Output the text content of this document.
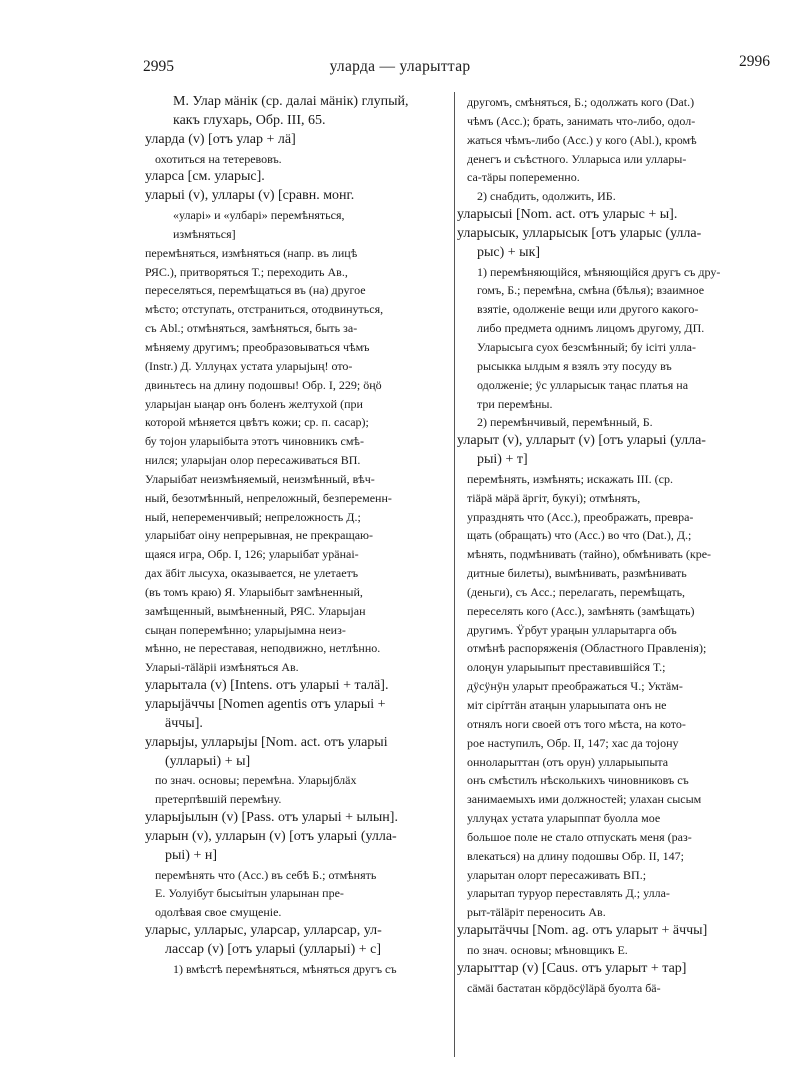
2995	уларда — уларыттар	2996
M. Улар мäнік (ср. далаі мäнік) глупый,
какъ глухарь, Обр. III, 65.
уларда (v) [отъ улар + лä]
охотиться на тетеревовъ.
уларса [см. уларыс].
уларыі (v), уллары (v) [сравн. монг.
«улар‍і» и «улбарі» перемѣняться,
измѣняться]
перемѣняться, измѣняться (напр. въ лицѣ
РЯС.), притворяться Т.; переходить Ав.,
переселяться, перемѣщаться въ (на) другое
мѣсто; отступать, отстраниться, отодвинуться,
съ Abl.; отмѣняться, замѣняться, быть за-
мѣняему другимъ; преобразовываться чѣмъ
(Instr.) Д. Уллуңах устата уларыјың! ото-
двиньтесь на длину подошвы! Обр. I, 229; öңö
уларыјан ыаңар онъ боленъ желтухой (при
которой мѣняется цвѣтъ кожи; ср. п. сасар);
бу тојон уларыібыта этотъ чиновникъ смѣ-
нился; уларыјан олор пересаживаться ВП.
Уларыібат неизмѣняемый, неизмѣнный, вѣч-
ный, безотмѣнный, непреложный, безпеременн-
ный, непеременчивый; непреложность Д.;
уларыібат оіну непрерывная, не прекращаю-
щаяся игра, Обр. I, 126; уларыібат урäнаі-
дах äбіт лысуха, оказывается, не улетаетъ
(въ томъ краю) Я. Уларыібыт замѣненный,
замѣщенный, вымѣненный, РЯС. Уларыјан
сыңан поперемѣнно; уларыјымна неиз-
мѣнно, не переставая, неподвижно, нетлѣнно.
Уларыі-тäläрii измѣняться Ав.
уларытала (v) [Intens. отъ уларыі + талä].
уларыјäччы [Nomen agentis отъ уларыі +
äччы].
уларыјы, улларыјы [Nom. act. отъ уларыі
(улларыі) + ы]
по знач. основы; перемѣна. Уларыјблäх
претерпѣвшій перемѣну.
уларыјылын (v) [Pass. отъ уларыі + ылын].
уларын (v), улларын (v) [отъ уларыі (улла-
рыі) + н]
перемѣнять что (Acc.) въ себѣ Б.; отмѣнять
Е. Уолуібут бысыітын уларынан пре-
одолѣвая свое смущеніе.
уларыс, улларыс, уларсар, улларсар, ул-
лассар (v) [отъ уларыі (улларыі) + с]
1) вмѣстѣ перемѣняться, мѣняться другъ съ
другомъ, смѣняться, Б.; одолжать кого (Dat.)
чѣмъ (Acc.); брать, занимать что-либо, одол-
жаться чѣмъ-либо (Acc.) у кого (Abl.), кромѣ
денегъ и съѣстного. Улларыса или уллары-
са-тäры попеременно.
2) снабдить, одолжить, ИБ.
уларысыі [Nom. act. отъ уларыс + ы].
уларысык, улларысык [отъ уларыс (улла-
рыс) + ык]
1) перемѣняющійся, мѣняющійся другъ съ дру-
гомъ, Б.; перемѣна, смѣна (бѣлья); взаимное
взятіе, одолженіе вещи или другого какого-
либо предмета однимъ лицомъ другому, ДП.
Уларысыга суох безсмѣнный; бу ісіті улла-
рысыкка ылдым я взялъ эту посуду въ
одолженіе; ÿс улларысык таңас платья на
три перемѣны.
2) перемѣнчивый, перемѣнный, Б.
уларыт (v), улларыт (v) [отъ уларыі (улла-
рыі) + т]
перемѣнять, измѣнять; искажать III. (ср.
тіäрä мäрä äргіт, букуі); отмѣнять,
упразднять что (Acc.), преображать, превра-
щать (обращать) что (Acc.) во что (Dat.), Д.;
мѣнять, подмѣнивать (тайно), обмѣнивать (кре-
дитные билеты), вымѣнивать, размѣнивать
(деньги), съ Acc.; перелагать, перемѣщать,
переселять кого (Acc.), замѣнять (замѣщать)
другимъ. Ÿрбут ураңын улларытарга объ
отмѣнѣ распоряженія (Областного Правленія);
олоңун уларыыпыт преставившійся Т.;
дÿсÿнÿн уларыт преображаться Ч.; Уктäм-
міт сірíттäн атаңын уларыыпата онъ не
отнялъ ноги своей отъ того мѣста, на кото-
рое наступилъ, Обр. II, 147; хас да тојону
онноларыттан (отъ орун) улларыыпыта
онъ смѣстилъ нѣсколькихъ чиновниковъ съ
занимаемыхъ ими должностей; улахан сысым
уллуңах устата уларыппат буолла мое
большое поле не стало отпускать меня (раз-
влекаться) на длину подошвы Обр. II, 147;
уларытан олорт пересаживать ВП.;
уларытап туруор переставлять Д.; улла-
рыт-тäläріт переносить Ав.
уларытäччы [Nom. ag. отъ уларыт + äччы]
по знач. основы; мѣновщикъ Е.
уларыттар (v) [Caus. отъ уларыт + тар]
сäмäі бастатан кöрдöсÿläрä буолта бä-
